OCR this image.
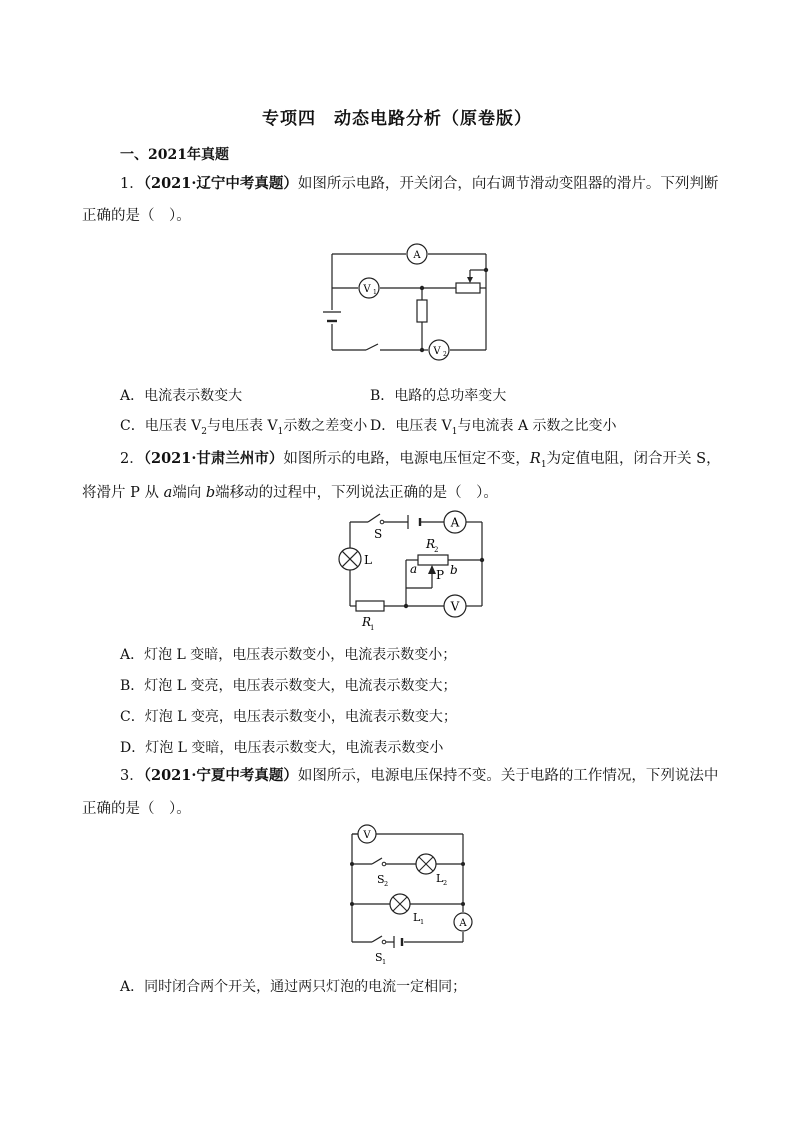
专项四　动态电路分析（原卷版）
一、2021年真题
1．（2021·辽宁中考真题）如图所示电路，开关闭合，向右调节滑动变阻器的滑片。下列判断
正确的是（　）。
A
V 1
V 2
A．电流表示数变大	B．电路的总功率变大
C．电压表 $V_2$与电压表 $V_1$示数之差变小 D．电压表 $V_1$与电流表 A 示数之比变小
2．（2021·甘肃兰州市）如图所示的电路，电源电压恒定不变，$R_1$为定值电阻，闭合开关 S，
将滑片 P 从 a端向 b端移动的过程中，下列说法正确的是（　）。
A
V
S
L
R
2
a	b
P
R
1
A．灯泡 L 变暗，电压表示数变小，电流表示数变小；
B．灯泡 L 变亮，电压表示数变大，电流表示数变大；
C．灯泡 L 变亮，电压表示数变小，电流表示数变大；
D．灯泡 L 变暗，电压表示数变大，电流表示数变小
3．（2021·宁夏中考真题）如图所示，电源电压保持不变。关于电路的工作情况，下列说法中
正确的是（　）。
V
A
S 2	L 2
L 1
S 1
A．同时闭合两个开关，通过两只灯泡的电流一定相同；
